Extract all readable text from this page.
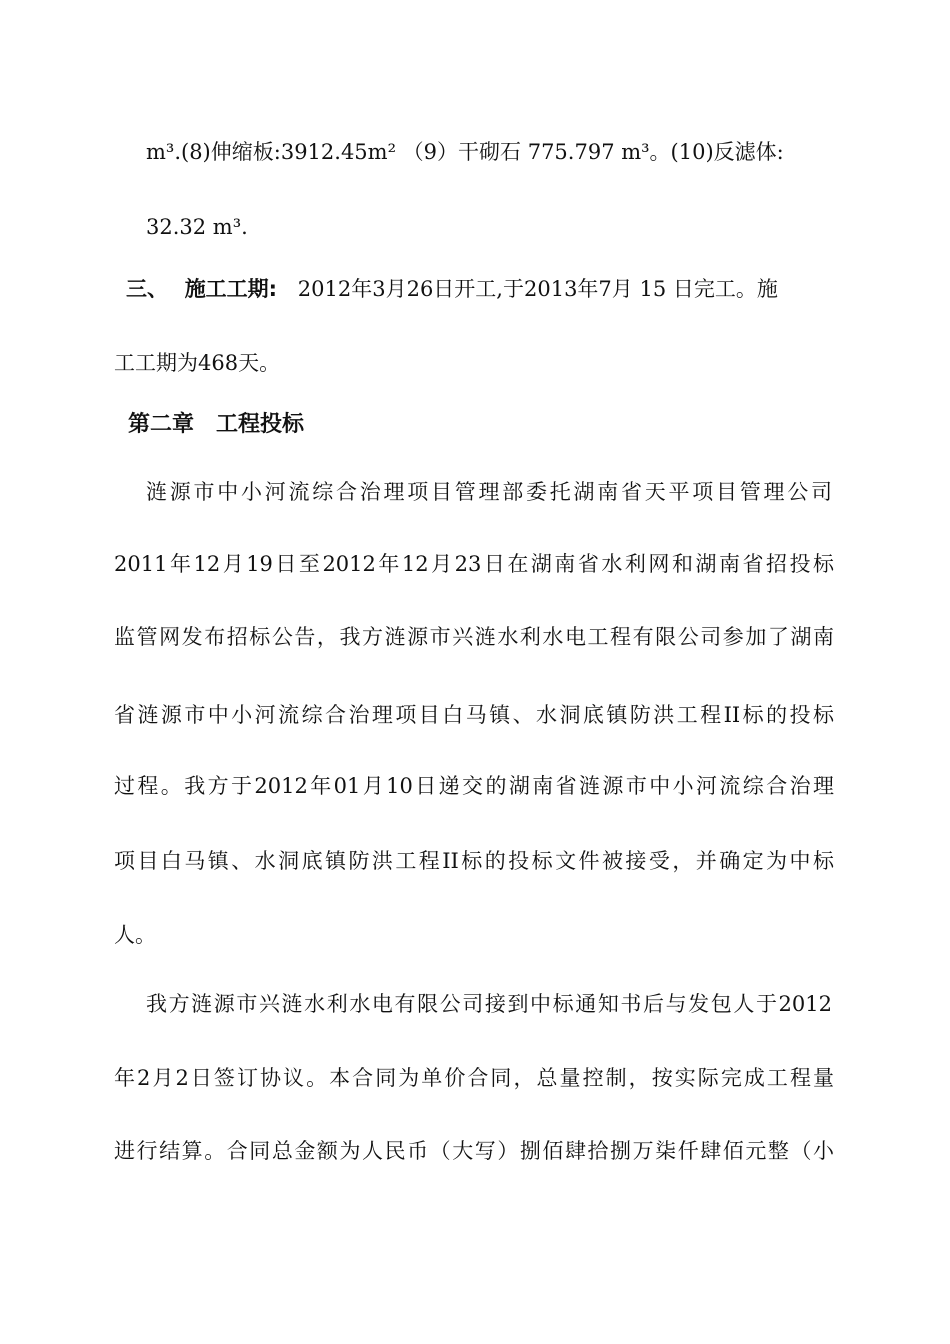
m³.(8)伸缩板:3912.45m² （9）干砌石 775.797 m³。(10)反滤体:
32.32 m³.
三、 施工工期: 2012年3月26日开工,于2013年7月 15 日完工。施
工工期为468天。
第二章　工程投标
涟源市中小河流综合治理项目管理部委托湖南省天平项目管理公司
2011年12月19日至2012年12月23日在湖南省水利网和湖南省招投标
监管网发布招标公告，我方涟源市兴涟水利水电工程有限公司参加了湖南
省涟源市中小河流综合治理项目白马镇、水洞底镇防洪工程II标的投标
过程。我方于2012年01月10日递交的湖南省涟源市中小河流综合治理
项目白马镇、水洞底镇防洪工程II标的投标文件被接受，并确定为中标
人。
我方涟源市兴涟水利水电有限公司接到中标通知书后与发包人于2012
年2月2日签订协议。本合同为单价合同，总量控制，按实际完成工程量
进行结算。合同总金额为人民币（大写）捌佰肆拾捌万柒仟肆佰元整（小
